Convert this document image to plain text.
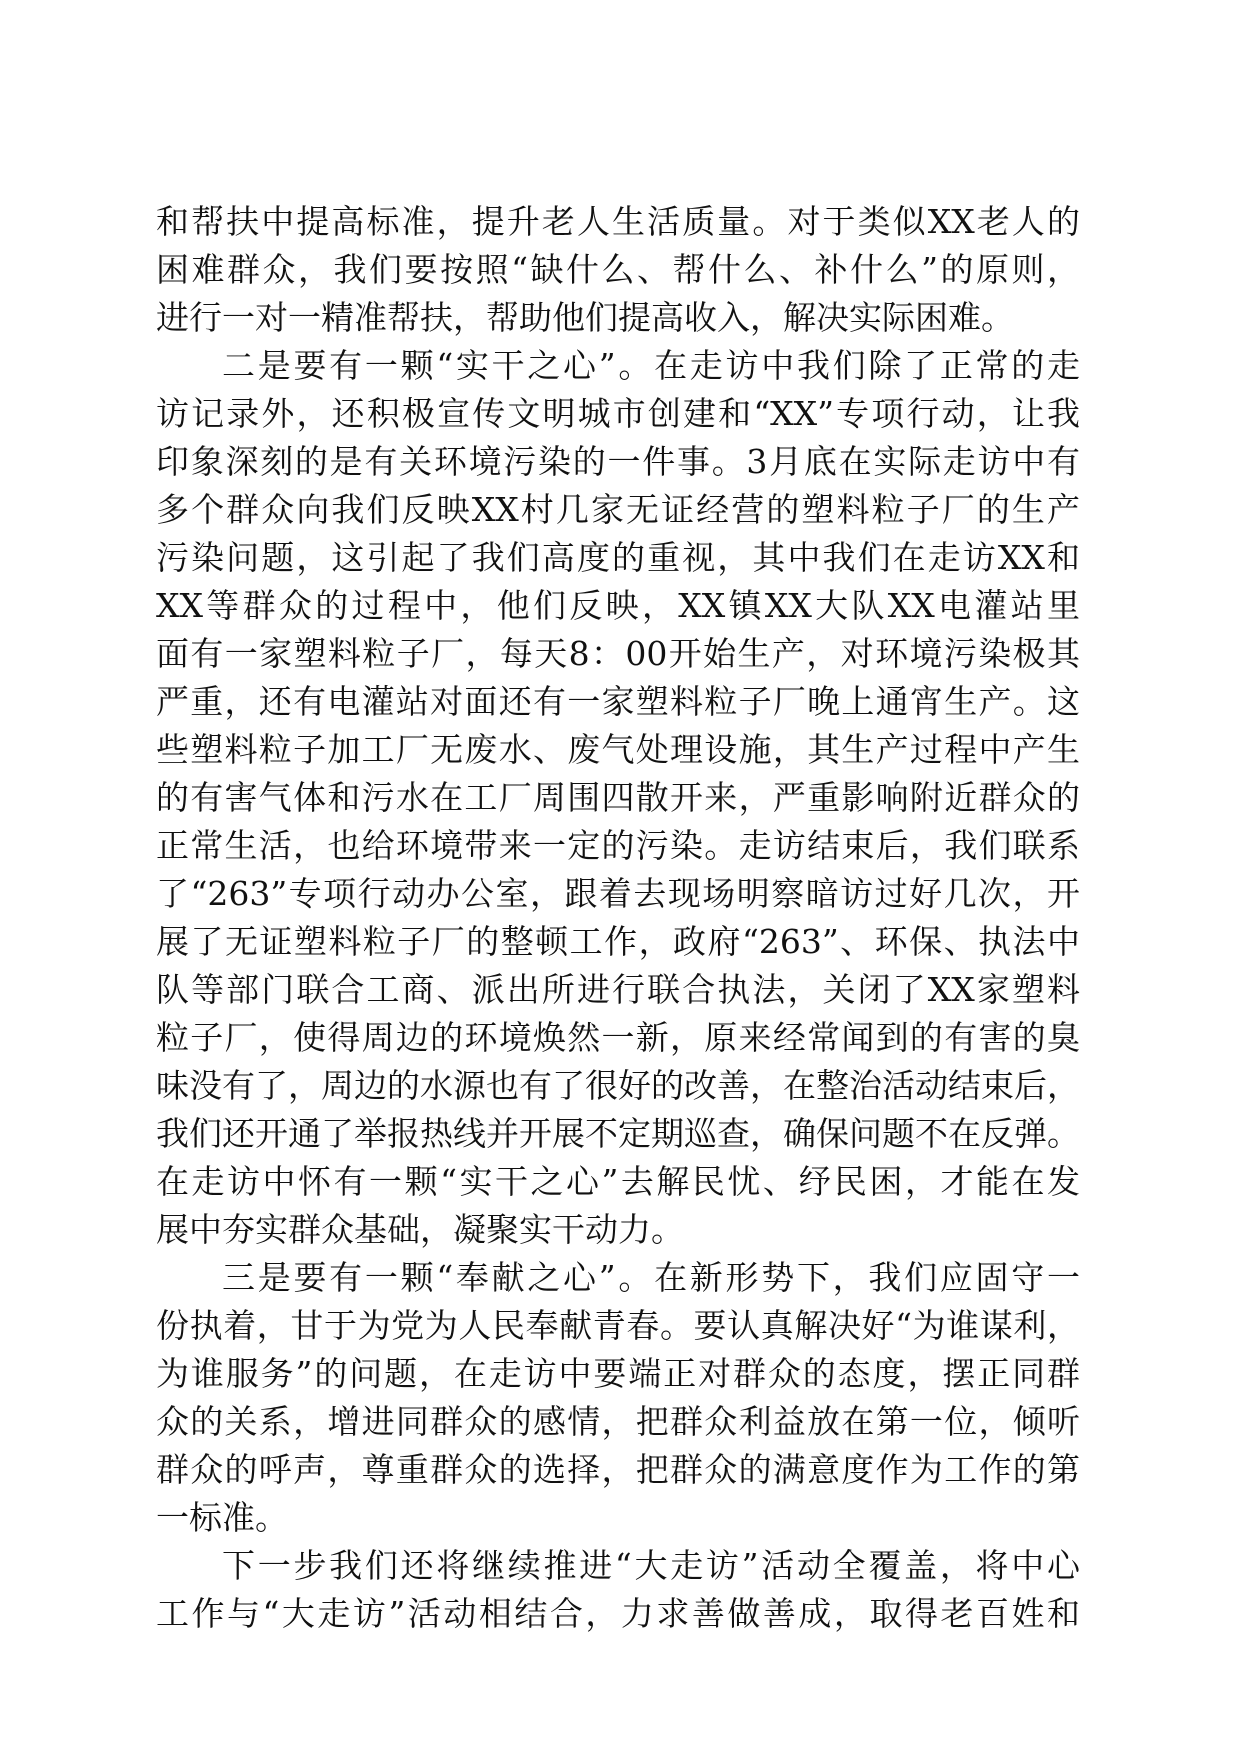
和帮扶中提高标准，提升老人生活质量。对于类似XX老人的
困难群众，我们要按照“缺什么、帮什么、补什么”的原则，
进行一对一精准帮扶，帮助他们提高收入，解决实际困难。
二是要有一颗“实干之心”。在走访中我们除了正常的走
访记录外，还积极宣传文明城市创建和“XX”专项行动，让我
印象深刻的是有关环境污染的一件事。3月底在实际走访中有
多个群众向我们反映XX村几家无证经营的塑料粒子厂的生产
污染问题，这引起了我们高度的重视，其中我们在走访XX和
XX等群众的过程中，他们反映，XX镇XX大队XX电灌站里
面有一家塑料粒子厂，每天8：00开始生产，对环境污染极其
严重，还有电灌站对面还有一家塑料粒子厂晚上通宵生产。这
些塑料粒子加工厂无废水、废气处理设施，其生产过程中产生
的有害气体和污水在工厂周围四散开来，严重影响附近群众的
正常生活，也给环境带来一定的污染。走访结束后，我们联系
了“263”专项行动办公室，跟着去现场明察暗访过好几次，开
展了无证塑料粒子厂的整顿工作，政府“263”、环保、执法中
队等部门联合工商、派出所进行联合执法，关闭了XX家塑料
粒子厂，使得周边的环境焕然一新，原来经常闻到的有害的臭
味没有了，周边的水源也有了很好的改善，在整治活动结束后，
我们还开通了举报热线并开展不定期巡查，确保问题不在反弹。
在走访中怀有一颗“实干之心”去解民忧、纾民困，才能在发
展中夯实群众基础，凝聚实干动力。
三是要有一颗“奉献之心”。在新形势下，我们应固守一
份执着，甘于为党为人民奉献青春。要认真解决好“为谁谋利，
为谁服务”的问题，在走访中要端正对群众的态度，摆正同群
众的关系，增进同群众的感情，把群众利益放在第一位，倾听
群众的呼声，尊重群众的选择，把群众的满意度作为工作的第
一标准。
下一步我们还将继续推进“大走访”活动全覆盖，将中心
工作与“大走访”活动相结合，力求善做善成，取得老百姓和
